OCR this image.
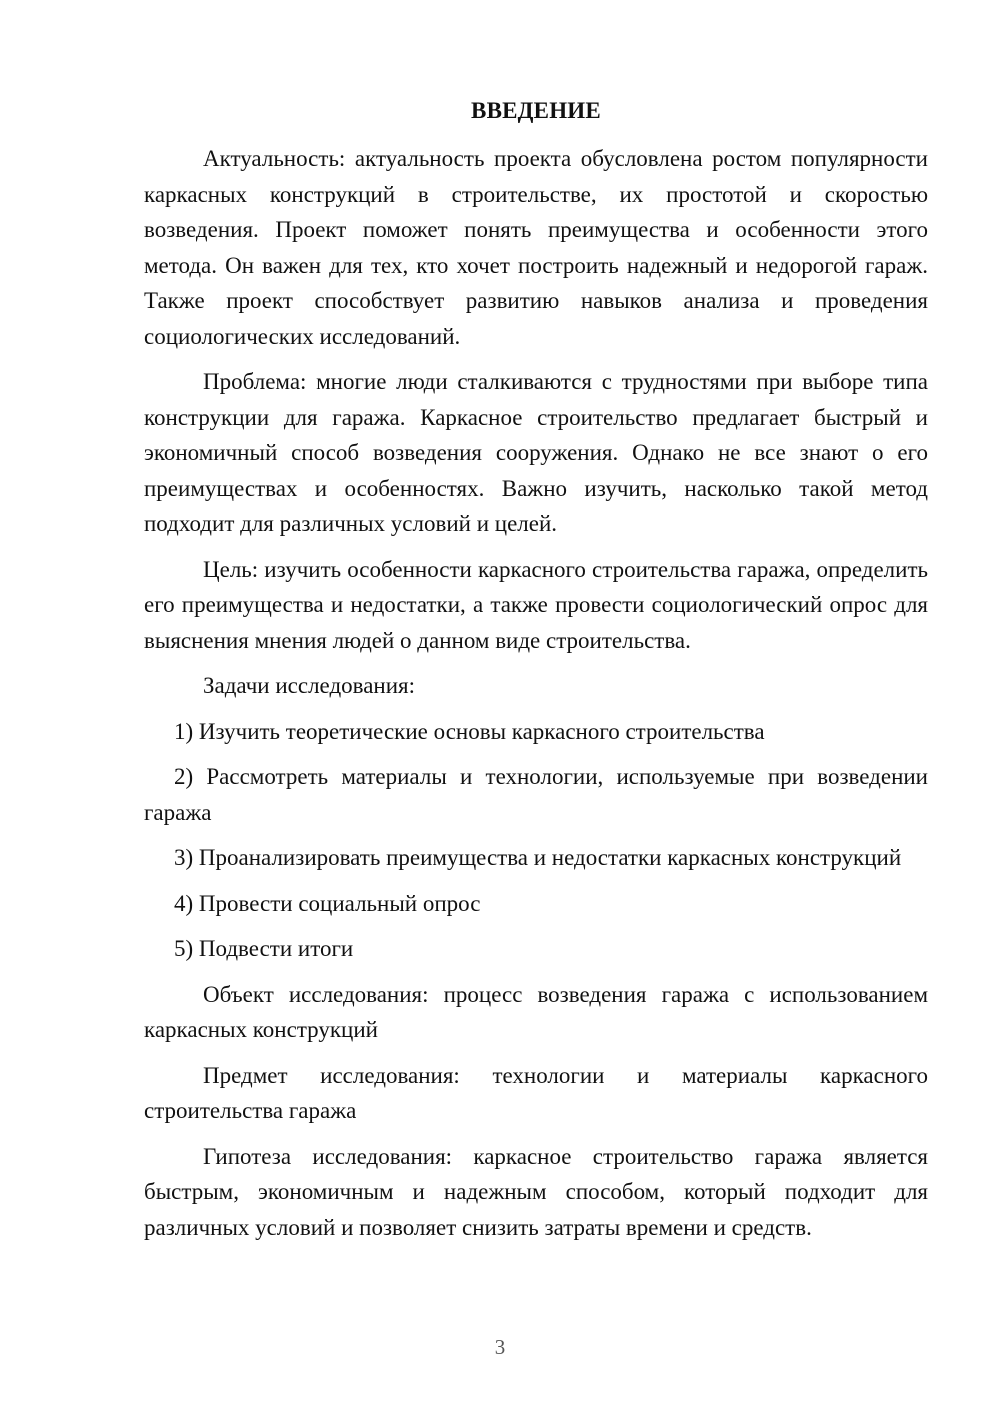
ВВЕДЕНИЕ

Актуальность: актуальность проекта обусловлена ростом популярности каркасных конструкций в строительстве, их простотой и скоростью возведения. Проект поможет понять преимущества и особенности этого метода. Он важен для тех, кто хочет построить надежный и недорогой гараж. Также проект способствует развитию навыков анализа и проведения социологических исследований.

Проблема: многие люди сталкиваются с трудностями при выборе типа конструкции для гаража. Каркасное строительство предлагает быстрый и экономичный способ возведения сооружения. Однако не все знают о его преимуществах и особенностях. Важно изучить, насколько такой метод подходит для различных условий и целей.

Цель: изучить особенности каркасного строительства гаража, определить его преимущества и недостатки, а также провести социологический опрос для выяснения мнения людей о данном виде строительства.

Задачи исследования:

1) Изучить теоретические основы каркасного строительства

2) Рассмотреть материалы и технологии, используемые при возведении гаража

3) Проанализировать преимущества и недостатки каркасных конструкций

4) Провести социальный опрос

5) Подвести итоги

Объект исследования: процесс возведения гаража с использованием каркасных конструкций

Предмет исследования: технологии и материалы каркасного строительства гаража

Гипотеза исследования: каркасное строительство гаража является быстрым, экономичным и надежным способом, который подходит для различных условий и позволяет снизить затраты времени и средств.

3
